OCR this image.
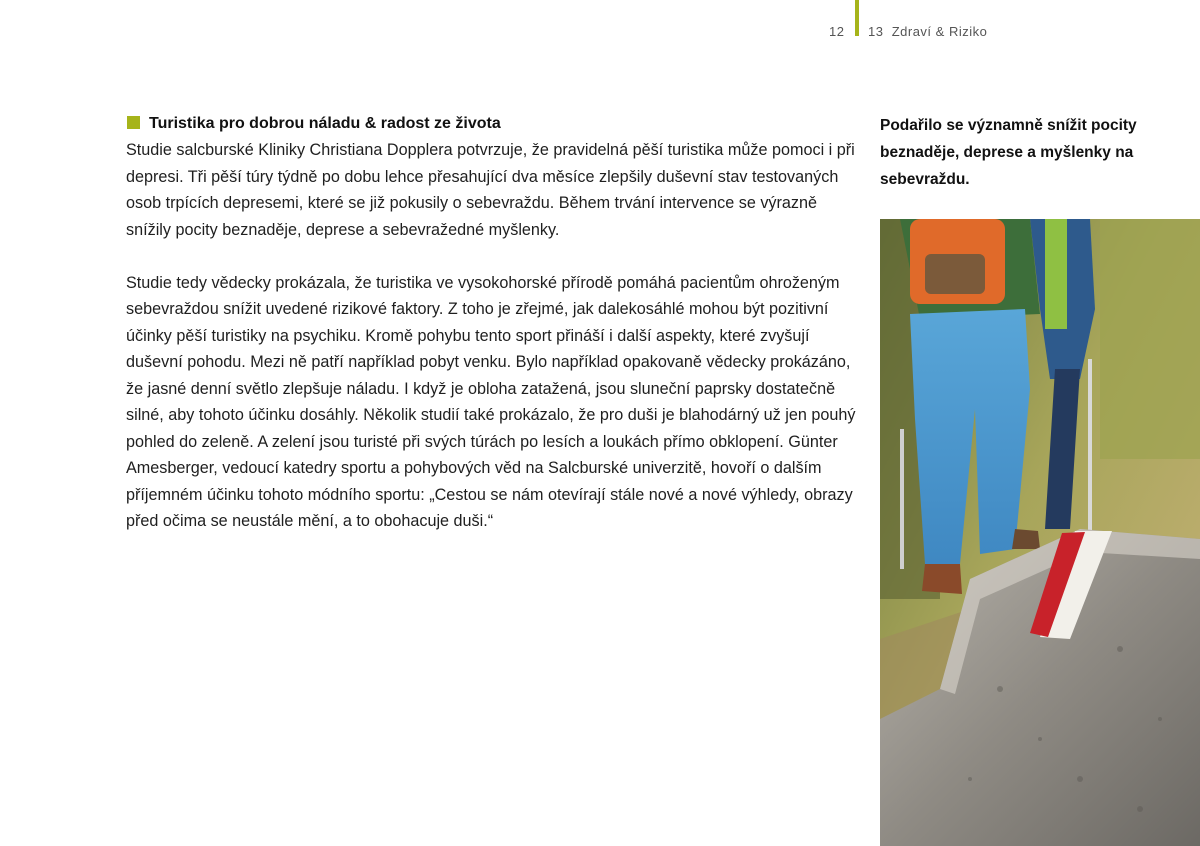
12 13 Zdraví & Riziko
Turistika pro dobrou náladu & radost ze života

Studie salcburské Kliniky Christiana Dopplera potvrzuje, že pravidelná pěší turistika může pomoci i při depresi. Tři pěší túry týdně po dobu lehce přesahující dva měsíce zlepšily duševní stav testovaných osob trpících depresemi, které se již pokusily o sebevraždu. Během trvání intervence se výrazně snížily pocity beznaděje, deprese a sebevražedné myšlenky.

Studie tedy vědecky prokázala, že turistika ve vysokohorské přírodě pomáhá pacientům ohroženým sebevraždou snížit uvedené rizikové faktory. Z toho je zřejmé, jak dalekosáhlé mohou být pozitivní účinky pěší turistiky na psychiku. Kromě pohybu tento sport přináší i další aspekty, které zvyšují duševní pohodu. Mezi ně patří například pobyt venku. Bylo například opakovaně vědecky prokázáno, že jasné denní světlo zlepšuje náladu. I když je obloha zatažená, jsou sluneční paprsky dostatečně silné, aby tohoto účinku dosáhly. Několik studií také prokázalo, že pro duši je blahodárný už jen pouhý pohled do zeleně. A zelení jsou turisté při svých túrách po lesích a loukách přímo obklopení. Günter Amesberger, vedoucí katedry sportu a pohybových věd na Salcburské univerzitě, hovoří o dalším příjemném účinku tohoto módního sportu: „Cestou se nám otevírají stále nové a nové výhledy, obrazy před očima se neustále mění, a to obohacuje duši.“

Podařilo se významně snížit pocity beznaděje, deprese a myšlenky na sebevraždu.
